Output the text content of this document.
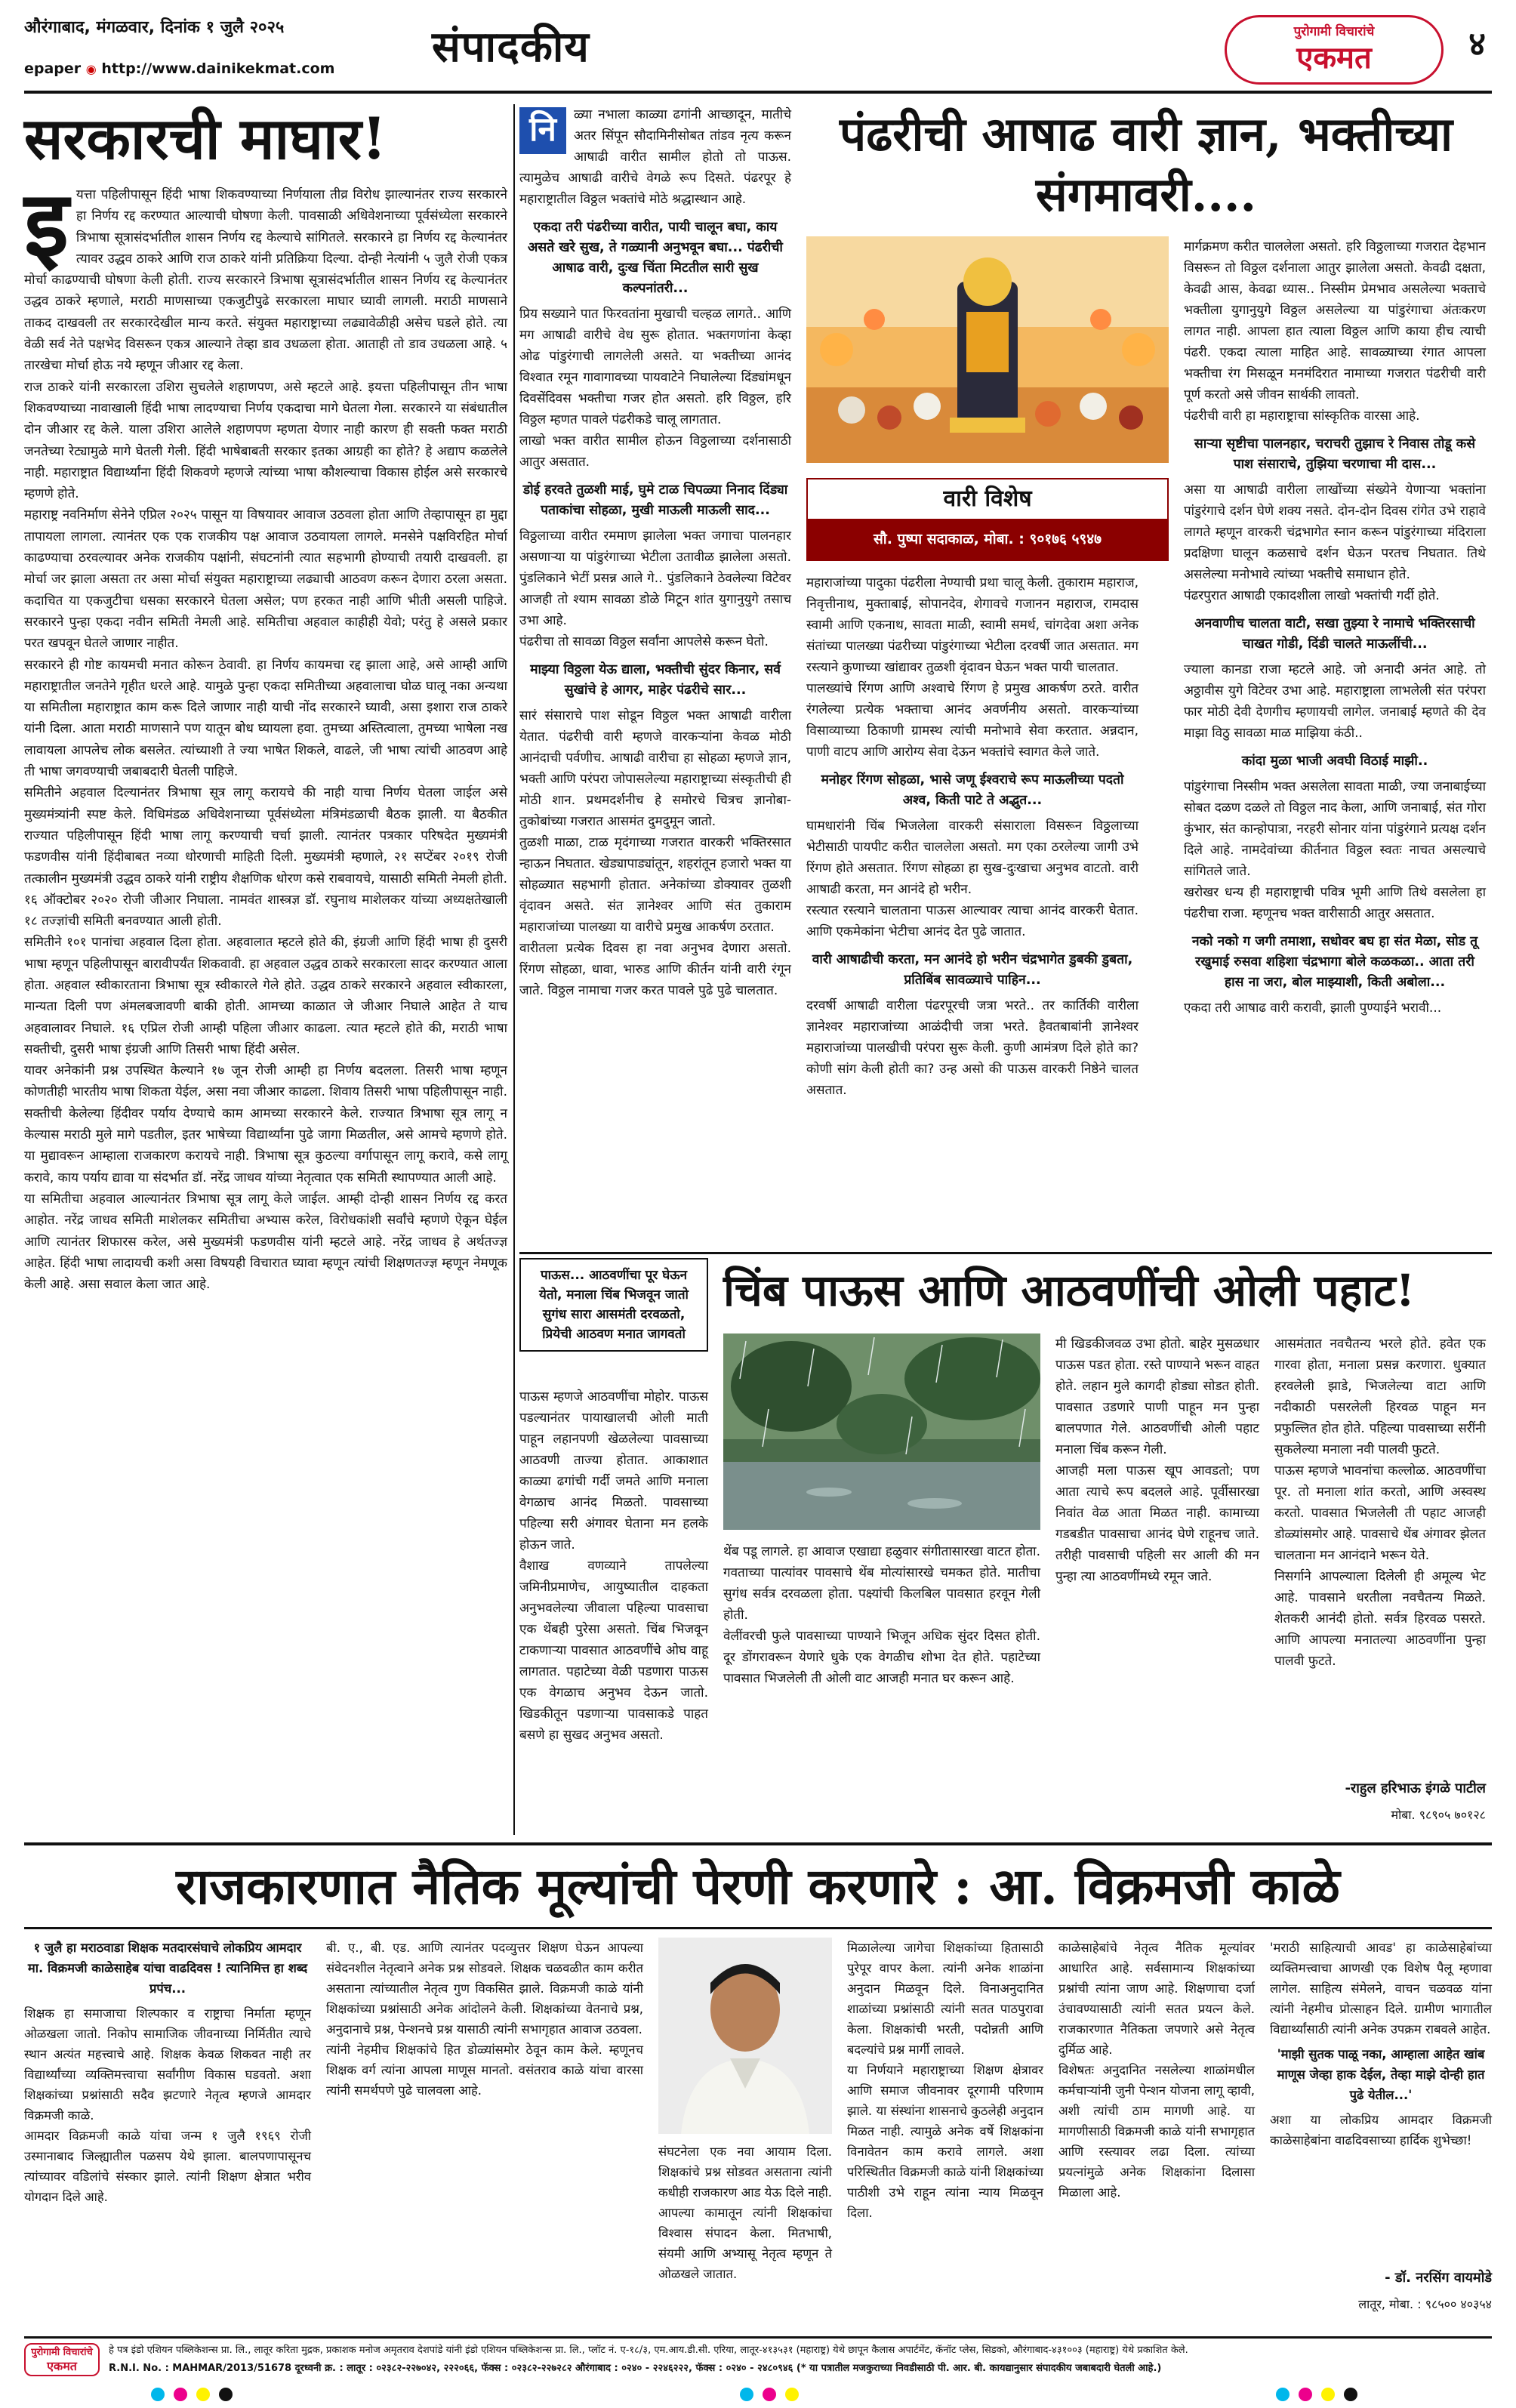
औरंगाबाद, मंगळवार, दिनांक १ जुलै २०२५
epaper ◉ http://www.dainikekmat.com	संपादकीय	पुरोगामी विचारांचे
एकमत	४
सरकारची माघार!
इ यत्ता पहिलीपासून हिंदी भाषा शिकवण्याच्या निर्णयाला तीव्र विरोध झाल्यानंतर राज्य सरकारने हा निर्णय रद्द करण्यात आल्याची घोषणा केली. पावसाळी अधिवेशनाच्या पूर्वसंध्येला सरकारने त्रिभाषा सूत्रासंदर्भातील शासन निर्णय रद्द केल्याचे सांगितले. सरकारने हा निर्णय रद्द केल्यानंतर त्यावर उद्धव ठाकरे आणि राज ठाकरे यांनी प्रतिक्रिया दिल्या. दोन्ही नेत्यांनी ५ जुलै रोजी एकत्र मोर्चा काढण्याची घोषणा केली होती. राज्य सरकारने त्रिभाषा सूत्रासंदर्भातील शासन निर्णय रद्द केल्यानंतर उद्धव ठाकरे म्हणाले, मराठी माणसाच्या एकजुटीपुढे सरकारला माघार घ्यावी लागली. मराठी माणसाने ताकद दाखवली तर सरकारदेखील मान्य करते. संयुक्त महाराष्ट्राच्या लढ्यावेळीही असेच घडले होते. त्या वेळी सर्व नेते पक्षभेद विसरून एकत्र आल्याने तेव्हा डाव उधळला होता. आताही तो डाव उधळला आहे. ५ तारखेचा मोर्चा होऊ नये म्हणून जीआर रद्द केला.

राज ठाकरे यांनी सरकारला उशिरा सुचलेले शहाणपण, असे म्हटले आहे. इयत्ता पहिलीपासून तीन भाषा शिकवण्याच्या नावाखाली हिंदी भाषा लादण्याचा निर्णय एकदाचा मागे घेतला गेला. सरकारने या संबंधातील दोन जीआर रद्द केले. याला उशिरा आलेले शहाणपण म्हणता येणार नाही कारण ही सक्ती फक्त मराठी जनतेच्या रेट्यामुळे मागे घेतली गेली. हिंदी भाषेबाबती सरकार इतका आग्रही का होते? हे अद्याप कळलेले नाही. महाराष्ट्रात विद्यार्थ्यांना हिंदी शिकवणे म्हणजे त्यांच्या भाषा कौशल्याचा विकास होईल असे सरकारचे म्हणणे होते.

महाराष्ट्र नवनिर्माण सेनेने एप्रिल २०२५ पासून या विषयावर आवाज उठवला होता आणि तेव्हापासून हा मुद्दा तापायला लागला. त्यानंतर एक एक राजकीय पक्ष आवाज उठवायला लागले. मनसेने पक्षविरहित मोर्चा काढण्याचा ठरवल्यावर अनेक राजकीय पक्षांनी, संघटनांनी त्यात सहभागी होण्याची तयारी दाखवली. हा मोर्चा जर झाला असता तर असा मोर्चा संयुक्त महाराष्ट्राच्या लढ्याची आठवण करून देणारा ठरला असता. कदाचित या एकजुटीचा धसका सरकारने घेतला असेल; पण हरकत नाही आणि भीती असली पाहिजे. सरकारने पुन्हा एकदा नवीन समिती नेमली आहे. समितीचा अहवाल काहीही येवो; परंतु हे असले प्रकार परत खपवून घेतले जाणार नाहीत.

सरकारने ही गोष्ट कायमची मनात कोरून ठेवावी. हा निर्णय कायमचा रद्द झाला आहे, असे आम्ही आणि महाराष्ट्रातील जनतेने गृहीत धरले आहे. यामुळे पुन्हा एकदा समितीच्या अहवालाचा घोळ घालू नका अन्यथा या समितीला महाराष्ट्रात काम करू दिले जाणार नाही याची नोंद सरकारने घ्यावी, असा इशारा राज ठाकरे यांनी दिला. आता मराठी माणसाने पण यातून बोध घ्यायला हवा. तुमच्या अस्तित्वाला, तुमच्या भाषेला नख लावायला आपलेच लोक बसलेत. त्यांच्याशी ते ज्या भाषेत शिकले, वाढले, जी भाषा त्यांची आठवण आहे ती भाषा जगवण्याची जबाबदारी घेतली पाहिजे.

समितीने अहवाल दिल्यानंतर त्रिभाषा सूत्र लागू करायचे की नाही याचा निर्णय घेतला जाईल असे मुख्यमंत्र्यांनी स्पष्ट केले. विधिमंडळ अधिवेशनाच्या पूर्वसंध्येला मंत्रिमंडळाची बैठक झाली. या बैठकीत राज्यात पहिलीपासून हिंदी भाषा लागू करण्याची चर्चा झाली. त्यानंतर पत्रकार परिषदेत मुख्यमंत्री फडणवीस यांनी हिंदीबाबत नव्या धोरणाची माहिती दिली. मुख्यमंत्री म्हणाले, २१ सप्टेंबर २०१९ रोजी तत्कालीन मुख्यमंत्री उद्धव ठाकरे यांनी राष्ट्रीय शैक्षणिक धोरण कसे राबवायचे, यासाठी समिती नेमली होती. १६ ऑक्टोबर २०२० रोजी जीआर निघाला. नामवंत शास्त्रज्ञ डॉ. रघुनाथ माशेलकर यांच्या अध्यक्षतेखाली १८ तज्ज्ञांची समिती बनवण्यात आली होती.

समितीने १०१ पानांचा अहवाल दिला होता. अहवालात म्हटले होते की, इंग्रजी आणि हिंदी भाषा ही दुसरी भाषा म्हणून पहिलीपासून बारावीपर्यंत शिकवावी. हा अहवाल उद्धव ठाकरे सरकारला सादर करण्यात आला होता. अहवाल स्वीकारताना त्रिभाषा सूत्र स्वीकारले गेले होते. उद्धव ठाकरे सरकारने अहवाल स्वीकारला, मान्यता दिली पण अंमलबजावणी बाकी होती. आमच्या काळात जे जीआर निघाले आहेत ते याच अहवालावर निघाले. १६ एप्रिल रोजी आम्ही पहिला जीआर काढला. त्यात म्हटले होते की, मराठी भाषा सक्तीची, दुसरी भाषा इंग्रजी आणि तिसरी भाषा हिंदी असेल.

यावर अनेकांनी प्रश्न उपस्थित केल्याने १७ जून रोजी आम्ही हा निर्णय बदलला. तिसरी भाषा म्हणून कोणतीही भारतीय भाषा शिकता येईल, असा नवा जीआर काढला. शिवाय तिसरी भाषा पहिलीपासून नाही. सक्तीची केलेल्या हिंदीवर पर्याय देण्याचे काम आमच्या सरकारने केले. राज्यात त्रिभाषा सूत्र लागू न केल्यास मराठी मुले मागे पडतील, इतर भाषेच्या विद्यार्थ्यांना पुढे जागा मिळतील, असे आमचे म्हणणे होते. या मुद्यावरून आम्हाला राजकारण करायचे नाही. त्रिभाषा सूत्र कुठल्या वर्गापासून लागू करावे, कसे लागू करावे, काय पर्याय द्यावा या संदर्भात डॉ. नरेंद्र जाधव यांच्या नेतृत्वात एक समिती स्थापण्यात आली आहे.

या समितीचा अहवाल आल्यानंतर त्रिभाषा सूत्र लागू केले जाईल. आम्ही दोन्ही शासन निर्णय रद्द करत आहोत. नरेंद्र जाधव समिती माशेलकर समितीचा अभ्यास करेल, विरोधकांशी सर्वांचे म्हणणे ऐकून घेईल आणि त्यानंतर शिफारस करेल, असे मुख्यमंत्री फडणवीस यांनी म्हटले आहे. नरेंद्र जाधव हे अर्थतज्ज्ञ आहेत. हिंदी भाषा लादायची कशी असा विषयही विचारात घ्यावा म्हणून त्यांची शिक्षणतज्ज्ञ म्हणून नेमणूक केली आहे. असा सवाल केला जात आहे.

नि	ळ्या नभाला काळ्या ढगांनी आच्छादून, मातीचे अतर सिंपून सौदामिनीसोबत तांडव नृत्य करून आषाढी वारीत सामील होतो तो पाऊस. त्यामुळेच आषाढी वारीचे वेगळे रूप दिसते. पंढरपूर हे महाराष्ट्रातील विठ्ठल भक्तांचे मोठे श्रद्धास्थान आहे.

एकदा तरी पंढरीच्या वारीत, पायी चालून बघा, काय असते खरे सुख, ते गळ्यानी अनुभवून बघा... पंढरीची आषाढ वारी, दुःख चिंता मिटतील सारी सुख कल्पनांतरी...

प्रिय सख्याने पात फिरवतांना मुखाची चल्हळ लागते.. आणि मग आषाढी वारीचे वेध सुरू होतात. भक्तगणांना केव्हा ओढ पांडुरंगाची लागलेली असते. या भक्तीच्या आनंद विश्वात रमून गावागावच्या पायवाटेने निघालेल्या दिंड्यांमधून दिवसेंदिवस भक्तीचा गजर होत असतो. हरि विठ्ठल, हरि विठ्ठल म्हणत पावले पंढरीकडे चालू लागतात.

लाखो भक्त वारीत सामील होऊन विठ्ठलाच्या दर्शनासाठी आतुर असतात.

डोई हरवते तुळशी माई, घुमे टाळ चिपळ्या निनाद दिंड्या पताकांचा सोहळा, मुखी माऊली माऊली साद...

विठ्ठलाच्या वारीत रममाण झालेला भक्त जगाचा पालनहार असणाऱ्या या पांडुरंगाच्या भेटीला उतावीळ झालेला असतो. पुंडलिकाने भेटीं प्रसन्न आले गे.. पुंडलिकाने ठेवलेल्या विटेवर आजही तो श्याम सावळा डोळे मिटून शांत युगानुयुगे तसाच उभा आहे.

पंढरीचा तो सावळा विठ्ठल सर्वांना आपलेसे करून घेतो.

माझ्या विठ्ठला येऊ द्याला, भक्तीची सुंदर किनार, सर्व सुखांचे हे आगर, माहेर पंढरीचे सार...

सारं संसाराचे पाश सोडून विठ्ठल भक्त आषाढी वारीला येतात. पंढरीची वारी म्हणजे वारकऱ्यांना केवळ मोठी आनंदाची पर्वणीच. आषाढी वारीचा हा सोहळा म्हणजे ज्ञान, भक्ती आणि परंपरा जोपासलेल्या महाराष्ट्राच्या संस्कृतीची ही मोठी शान. प्रथमदर्शनीच हे समोरचे चित्रच ज्ञानोबा-तुकोबांच्या गजरात आसमंत दुमदुमून जातो.

तुळशी माळा, टाळ मृदंगाच्या गजरात वारकरी भक्तिरसात न्हाऊन निघतात. खेड्यापाड्यांतून, शहरांतून हजारो भक्त या सोहळ्यात सहभागी होतात. अनेकांच्या डोक्यावर तुळशी वृंदावन असते. संत ज्ञानेश्वर आणि संत तुकाराम महाराजांच्या पालख्या या वारीचे प्रमुख आकर्षण ठरतात.

वारीतला प्रत्येक दिवस हा नवा अनुभव देणारा असतो. रिंगण सोहळा, धावा, भारुड आणि कीर्तन यांनी वारी रंगून जाते. विठ्ठल नामाचा गजर करत पावले पुढे पुढे चालतात.

पंढरीची आषाढ वारी ज्ञान, भक्तीच्या संगमावरी....
वारी विशेष
सौ. पुष्पा सदाकाळ, मोबा. : ९०१७६ ५९४७

महाराजांच्या पादुका पंढरीला नेण्याची प्रथा चालू केली. तुकाराम महाराज, निवृत्तीनाथ, मुक्ताबाई, सोपानदेव, शेगावचे गजानन महाराज, रामदास स्वामी आणि एकनाथ, सावता माळी, स्वामी समर्थ, चांगदेवा अशा अनेक संतांच्या पालख्या पंढरीच्या पांडुरंगाच्या भेटीला दरवर्षी जात असतात. मग रस्त्याने कुणाच्या खांद्यावर तुळशी वृंदावन घेऊन भक्त पायी चालतात.

पालख्यांचे रिंगण आणि अश्वाचे रिंगण हे प्रमुख आकर्षण ठरते. वारीत रंगलेल्या प्रत्येक भक्ताचा आनंद अवर्णनीय असतो. वारकऱ्यांच्या विसाव्याच्या ठिकाणी ग्रामस्थ त्यांची मनोभावे सेवा करतात. अन्नदान, पाणी वाटप आणि आरोग्य सेवा देऊन भक्तांचे स्वागत केले जाते.

मनोहर रिंगण सोहळा, भासे जणू ईश्वराचे रूप माऊलीच्या पदतो अश्व, किती पाटे ते अद्भुत...

घामधारांनी चिंब भिजलेला वारकरी संसाराला विसरून विठ्ठलाच्या भेटीसाठी पायपीट करीत चाललेला असतो. मग एका ठरलेल्या जागी उभे रिंगण होते असतात. रिंगण सोहळा हा सुख-दुःखाचा अनुभव वाटतो. वारी आषाढी करता, मन आनंदे हो भरीन.

रस्त्यात रस्त्याने चालताना पाऊस आल्यावर त्याचा आनंद वारकरी घेतात. आणि एकमेकांना भेटीचा आनंद देत पुढे जातात.

वारी आषाढीची करता, मन आनंदे हो भरीन चंद्रभागेत डुबकी डुबता, प्रतिबिंब सावळ्याचे पाहिन...

दरवर्षी आषाढी वारीला पंढरपूरची जत्रा भरते.. तर कार्तिकी वारीला ज्ञानेश्वर महाराजांच्या आळंदीची जत्रा भरते. हैवतबाबांनी ज्ञानेश्वर महाराजांच्या पालखीची परंपरा सुरू केली. कुणी आमंत्रण दिले होते का? कोणी सांग केली होती का? उन्ह असो की पाऊस वारकरी निष्ठेने चालत असतात.

मार्गक्रमण करीत चाललेला असतो. हरि विठ्ठलाच्या गजरात देहभान विसरून तो विठ्ठल दर्शनाला आतुर झालेला असतो. केवढी दक्षता, केवढी आस, केवढा ध्यास.. निस्सीम प्रेमभाव असलेल्या भक्ताचे भक्तीला युगानुयुगे विठ्ठल असलेल्या या पांडुरंगाचा अंतःकरण लागत नाही. आपला हात त्याला विठ्ठल आणि काया हीच त्याची पंढरी. एकदा त्याला माहित आहे. सावळ्याच्या रंगात आपला भक्तीचा रंग मिसळून मनमंदिरात नामाच्या गजरात पंढरीची वारी पूर्ण करतो असे जीवन सार्थकी लावतो.

पंढरीची वारी हा महाराष्ट्राचा सांस्कृतिक वारसा आहे.

साऱ्या सृष्टीचा पालनहार, चराचरी तुझाच रे निवास तोडू कसे पाश संसाराचे, तुझिया चरणाचा मी दास...

असा या आषाढी वारीला लाखोंच्या संख्येने येणाऱ्या भक्तांना पांडुरंगाचे दर्शन घेणे शक्य नसते. दोन-दोन दिवस रांगेत उभे राहावे लागते म्हणून वारकरी चंद्रभागेत स्नान करून पांडुरंगाच्या मंदिराला प्रदक्षिणा घालून कळसाचे दर्शन घेऊन परतच निघतात. तिथे असलेल्या मनोभावे त्यांच्या भक्तीचे समाधान होते.

पंढरपुरात आषाढी एकादशीला लाखो भक्तांची गर्दी होते.

अनवाणीच चालता वाटी, सखा तुझ्या रे नामाचे भक्तिरसाची चाखत गोडी, दिंडी चालते माऊलींची...

ज्याला कानडा राजा म्हटले आहे. जो अनादी अनंत आहे. तो अठ्ठावीस युगे विटेवर उभा आहे. महाराष्ट्राला लाभलेली संत परंपरा फार मोठी देवी देणगीच म्हणायची लागेल. जनाबाई म्हणते की देव माझा विठु सावळा माळ माझिया कंठी..

कांदा मुळा भाजी अवघी विठाई माझी..

पांडुरंगाचा निस्सीम भक्त असलेला सावता माळी, ज्या जनाबाईच्या सोबत दळण दळले तो विठ्ठल नाद केला, आणि जनाबाई, संत गोरा कुंभार, संत कान्होपात्रा, नरहरी सोनार यांना पांडुरंगाने प्रत्यक्ष दर्शन दिले आहे. नामदेवांच्या कीर्तनात विठ्ठल स्वतः नाचत असल्याचे सांगितले जाते.

खरोखर धन्य ही महाराष्ट्राची पवित्र भूमी आणि तिथे वसलेला हा पंढरीचा राजा. म्हणूनच भक्त वारीसाठी आतुर असतात.

नको नको ग जगी तमाशा, सधोवर बघ हा संत मेळा, सोड तू रखुमाई रुसवा शहिशा चंद्रभागा बोले कळकळा.. आता तरी हास ना जरा, बोल माझ्याशी, किती अबोला...

एकदा तरी आषाढ वारी करावी, झाली पुण्याईने भरावी...

पाऊस... आठवणींचा पूर घेऊन येतो, मनाला चिंब भिजवून जातो सुगंध सारा आसमंती दरवळतो, प्रियेची आठवण मनात जागवतो
चिंब पाऊस आणि आठवणींची ओली पहाट!

पाऊस म्हणजे आठवणींचा मोहोर. पाऊस पडल्यानंतर पायाखालची ओली माती पाहून लहानपणी खेळलेल्या पावसाच्या आठवणी ताज्या होतात. आकाशात काळ्या ढगांची गर्दी जमते आणि मनाला वेगळाच आनंद मिळतो. पावसाच्या पहिल्या सरी अंगावर घेताना मन हलके होऊन जाते.

वैशाख वणव्याने तापलेल्या जमिनीप्रमाणेच, आयुष्यातील दाहकता अनुभवलेल्या जीवाला पहिल्या पावसाचा एक थेंबही पुरेसा असतो. चिंब भिजवून टाकणाऱ्या पावसात आठवणींचे ओघ वाहू लागतात. पहाटेच्या वेळी पडणारा पाऊस एक वेगळाच अनुभव देऊन जातो. खिडकीतून पडणाऱ्या पावसाकडे पाहत बसणे हा सुखद अनुभव असतो.

थेंब पडू लागले. हा आवाज एखाद्या हळुवार संगीतासारखा वाटत होता. गवताच्या पात्यांवर पावसाचे थेंब मोत्यांसारखे चमकत होते. मातीचा सुगंध सर्वत्र दरवळला होता. पक्ष्यांची किलबिल पावसात हरवून गेली होती.

वेलींवरची फुले पावसाच्या पाण्याने भिजून अधिक सुंदर दिसत होती. दूर डोंगरावरून येणारे धुके एक वेगळीच शोभा देत होते. पहाटेच्या पावसात भिजलेली ती ओली वाट आजही मनात घर करून आहे.

मी खिडकीजवळ उभा होतो. बाहेर मुसळधार पाऊस पडत होता. रस्ते पाण्याने भरून वाहत होते. लहान मुले कागदी होड्या सोडत होती. पावसात उडणारे पाणी पाहून मन पुन्हा बालपणात गेले. आठवणींची ओली पहाट मनाला चिंब करून गेली.

आजही मला पाऊस खूप आवडतो; पण आता त्याचे रूप बदलले आहे. पूर्वीसारखा निवांत वेळ आता मिळत नाही. कामाच्या गडबडीत पावसाचा आनंद घेणे राहूनच जाते. तरीही पावसाची पहिली सर आली की मन पुन्हा त्या आठवणींमध्ये रमून जाते.

आसमंतात नवचैतन्य भरले होते. हवेत एक गारवा होता, मनाला प्रसन्न करणारा. धुक्यात हरवलेली झाडे, भिजलेल्या वाटा आणि नदीकाठी पसरलेली हिरवळ पाहून मन प्रफुल्लित होत होते. पहिल्या पावसाच्या सरींनी सुकलेल्या मनाला नवी पालवी फुटते.

पाऊस म्हणजे भावनांचा कल्लोळ. आठवणींचा पूर. तो मनाला शांत करतो, आणि अस्वस्थ करतो. पावसात भिजलेली ती पहाट आजही डोळ्यांसमोर आहे. पावसाचे थेंब अंगावर झेलत चालताना मन आनंदाने भरून येते.

निसर्गाने आपल्याला दिलेली ही अमूल्य भेट आहे. पावसाने धरतीला नवचैतन्य मिळते. शेतकरी आनंदी होतो. सर्वत्र हिरवळ पसरते. आणि आपल्या मनातल्या आठवणींना पुन्हा पालवी फुटते.

-राहुल हरिभाऊ इंगळे पाटील
मोबा. ९८९०५ ७०१२८
राजकारणात नैतिक मूल्यांची पेरणी करणारे : आ. विक्रमजी काळे

१ जुलै हा मराठवाडा शिक्षक मतदारसंघाचे लोकप्रिय आमदार मा. विक्रमजी काळेसाहेब यांचा वाढदिवस ! त्यानिमित्त हा शब्द प्रपंच...

शिक्षक हा समाजाचा शिल्पकार व राष्ट्राचा निर्माता म्हणून ओळखला जातो. निकोप सामाजिक जीवनाच्या निर्मितीत त्याचे स्थान अत्यंत महत्त्वाचे आहे. शिक्षक केवळ शिकवत नाही तर विद्यार्थ्यांच्या व्यक्तिमत्त्वाचा सर्वांगीण विकास घडवतो. अशा शिक्षकांच्या प्रश्नांसाठी सदैव झटणारे नेतृत्व म्हणजे आमदार विक्रमजी काळे.

आमदार विक्रमजी काळे यांचा जन्म १ जुलै १९६९ रोजी उस्मानाबाद जिल्ह्यातील पळसप येथे झाला. बालपणापासूनच त्यांच्यावर वडिलांचे संस्कार झाले. त्यांनी शिक्षण क्षेत्रात भरीव योगदान दिले आहे.

बी. ए., बी. एड. आणि त्यानंतर पदव्युत्तर शिक्षण घेऊन आपल्या संवेदनशील नेतृत्वाने अनेक प्रश्न सोडवले. शिक्षक चळवळीत काम करीत असताना त्यांच्यातील नेतृत्व गुण विकसित झाले. विक्रमजी काळे यांनी शिक्षकांच्या प्रश्नांसाठी अनेक आंदोलने केली. शिक्षकांच्या वेतनाचे प्रश्न, अनुदानाचे प्रश्न, पेन्शनचे प्रश्न यासाठी त्यांनी सभागृहात आवाज उठवला.

त्यांनी नेहमीच शिक्षकांचे हित डोळ्यांसमोर ठेवून काम केले. म्हणूनच शिक्षक वर्ग त्यांना आपला माणूस मानतो. वसंतराव काळे यांचा वारसा त्यांनी समर्थपणे पुढे चालवला आहे.

संघटनेला एक नवा आयाम दिला. शिक्षकांचे प्रश्न सोडवत असताना त्यांनी कधीही राजकारण आड येऊ दिले नाही. आपल्या कामातून त्यांनी शिक्षकांचा विश्वास संपादन केला. मितभाषी, संयमी आणि अभ्यासू नेतृत्व म्हणून ते ओळखले जातात.

मिळालेल्या जागेचा शिक्षकांच्या हितासाठी पुरेपूर वापर केला. त्यांनी अनेक शाळांना अनुदान मिळवून दिले. विनाअनुदानित शाळांच्या प्रश्नांसाठी त्यांनी सतत पाठपुरावा केला. शिक्षकांची भरती, पदोन्नती आणि बदल्यांचे प्रश्न मार्गी लावले.

या निर्णयाने महाराष्ट्राच्या शिक्षण क्षेत्रावर आणि समाज जीवनावर दूरगामी परिणाम झाले. या संस्थांना शासनाचे कुठलेही अनुदान मिळत नाही. त्यामुळे अनेक वर्षे शिक्षकांना विनावेतन काम करावे लागले. अशा परिस्थितीत विक्रमजी काळे यांनी शिक्षकांच्या पाठीशी उभे राहून त्यांना न्याय मिळवून दिला.

काळेसाहेबांचे नेतृत्व नैतिक मूल्यांवर आधारित आहे. सर्वसामान्य शिक्षकांच्या प्रश्नांची त्यांना जाण आहे. शिक्षणाचा दर्जा उंचावण्यासाठी त्यांनी सतत प्रयत्न केले. राजकारणात नैतिकता जपणारे असे नेतृत्व दुर्मिळ आहे.

विशेषतः अनुदानित नसलेल्या शाळांमधील कर्मचाऱ्यांनी जुनी पेन्शन योजना लागू व्हावी, अशी त्यांची ठाम मागणी आहे. या मागणीसाठी विक्रमजी काळे यांनी सभागृहात आणि रस्त्यावर लढा दिला. त्यांच्या प्रयत्नांमुळे अनेक शिक्षकांना दिलासा मिळाला आहे.

'मराठी साहित्याची आवड' हा काळेसाहेबांच्या व्यक्तिमत्त्वाचा आणखी एक विशेष पैलू म्हणावा लागेल. साहित्य संमेलने, वाचन चळवळ यांना त्यांनी नेहमीच प्रोत्साहन दिले. ग्रामीण भागातील विद्यार्थ्यांसाठी त्यांनी अनेक उपक्रम राबवले आहेत.

'माझी सुतक पाळू नका, आम्हाला आहेत खांब माणूस जेव्हा हाक देईल, तेव्हा माझे दोन्ही हात पुढे येतील...'

अशा या लोकप्रिय आमदार विक्रमजी काळेसाहेबांना वाढदिवसाच्या हार्दिक शुभेच्छा!

- डॉ. नरसिंग वायमोडे
लातूर, मोबा. : ९८५०० ४०३५४
पुरोगामी विचारांचे
एकमत
हे पत्र इंडो एशियन पब्लिकेशन्स प्रा. लि., लातूर करिता मुद्रक, प्रकाशक मनोज अमृतराव देशपांडे यांनी इंडो एशियन पब्लिकेशन्स प्रा. लि., प्लॉट नं. ए-१८/३, एम.आय.डी.सी. एरिया, लातूर-४१३५३१ (महाराष्ट्र) येथे छापून कैलास अपार्टमेंट, कॅनॉट प्लेस, सिडको, औरंगाबाद-४३१००३ (महाराष्ट्र) येथे प्रकाशित केले.
R.N.I. No. : MAHMAR/2013/51678 दूरध्वनी क्र. : लातूर : ०२३८२-२२७०४२, २२२०६६, फॅक्स : ०२३८२-२२७२८२ औरंगाबाद : ०२४० - २२४६२२२, फॅक्स : ०२४० - २४८०९४६ (* या पत्रातील मजकुराच्या निवडीसाठी पी. आर. बी. कायद्यानुसार संपादकीय जबाबदारी घेतली आहे.)
